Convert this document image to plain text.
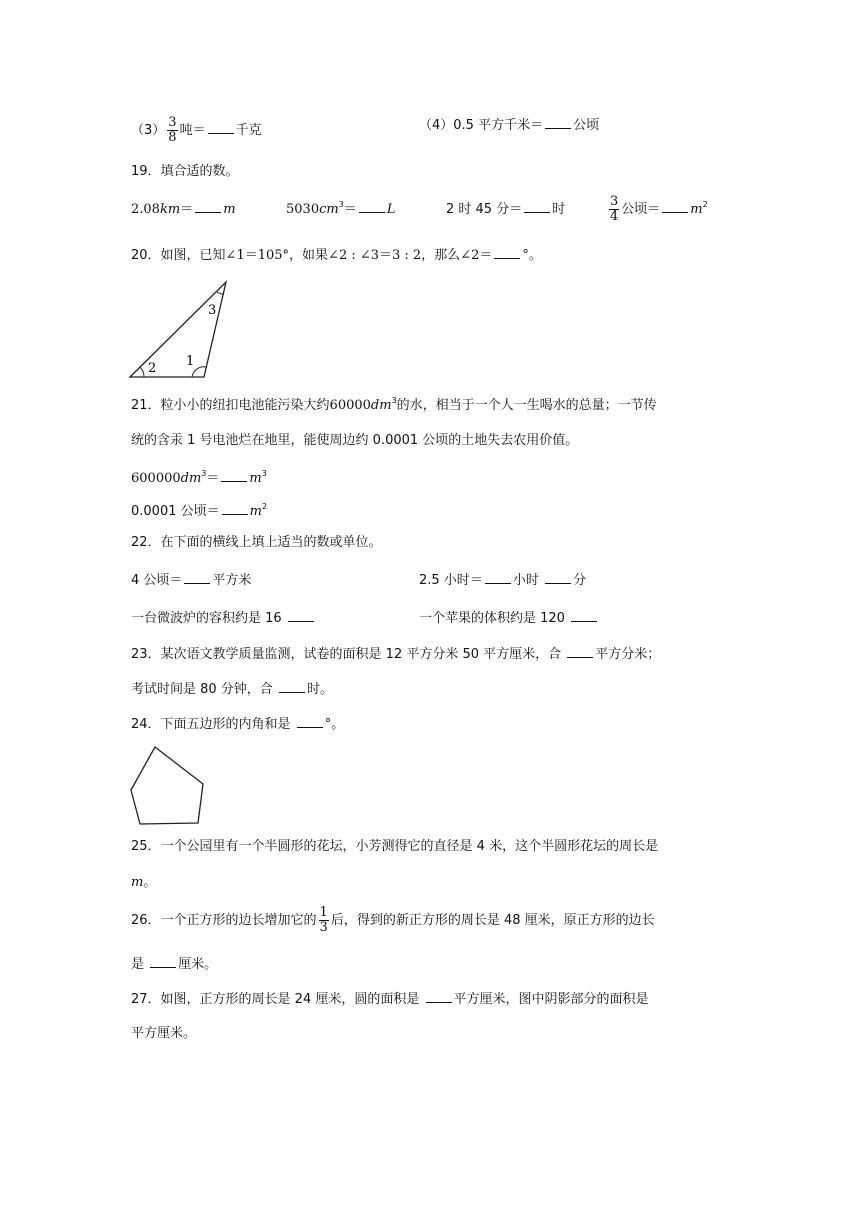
$(3) \frac{3}{8}$ 吨＝ 千克	（4）0.5 平方千米＝ 公顷
19．填合适的数。
2.08km＝ m	$5030cm^3= L$	2 时 45 分＝ 时	$\frac{3}{4}$ 公顷＝ $m^2$
20．如图，已知∠1＝105°，如果∠2 : ∠3＝3 : 2，那么∠2＝ °。
3
2 1
21．粒小小的纽扣电池能污染大约$60000dm^3$的水，相当于一个人一生喝水的总量；一节传
统的含汞 1 号电池烂在地里，能使周边约 0.0001 公顷的土地失去农用价值。
$600000dm^3= m^3$
0.0001 公顷＝ $m^2$
22．在下面的横线上填上适当的数或单位。
4 公顷＝ 平方米	2.5 小时＝ 小时	分
一台微波炉的容积约是 16	一个苹果的体积约是 120
23．某次语文教学质量监测，试卷的面积是 12 平方分米 50 平方厘米，合	平方分米；
考试时间是 80 分钟，合	时。
24．下面五边形的内角和是	°。
25．一个公园里有一个半圆形的花坛，小芳测得它的直径是 4 米，这个半圆形花坛的周长是
m。
26．一个正方形的边长增加它的 $\frac{1}{3}$ 后，得到的新正方形的周长是 48 厘米，原正方形的边长
是	厘米。
27．如图，正方形的周长是 24 厘米，圆的面积是	平方厘米，图中阴影部分的面积是
平方厘米。
